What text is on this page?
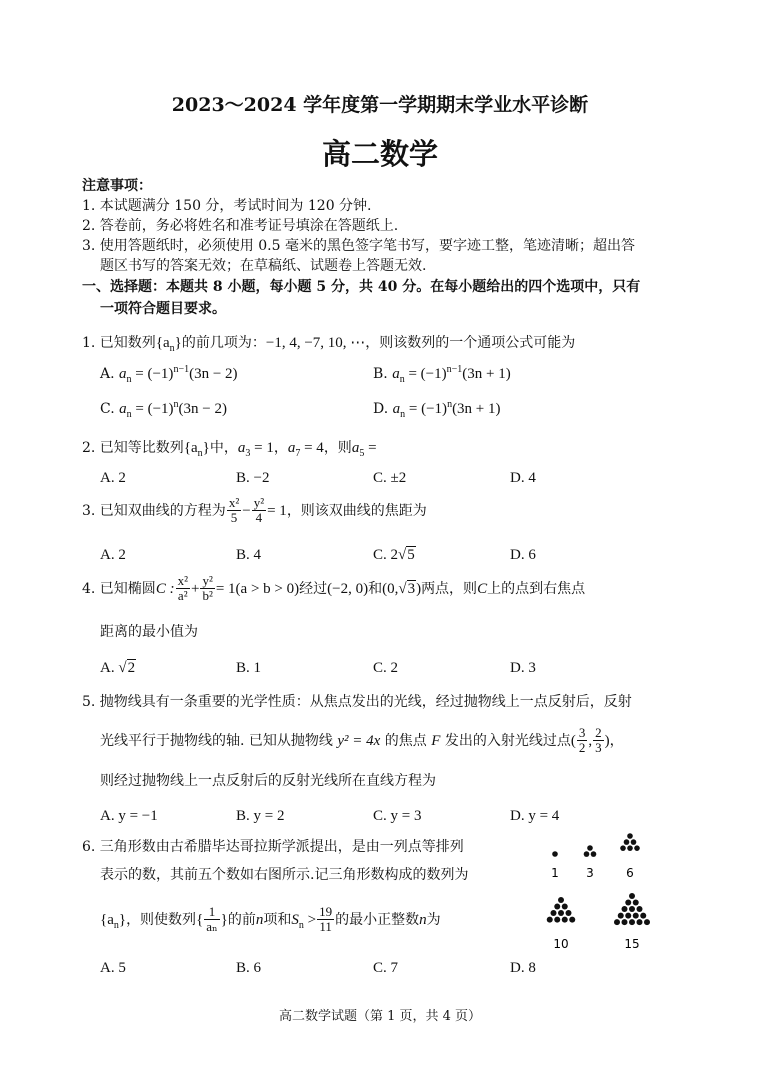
2023～2024 学年度第一学期期末学业水平诊断
高二数学
注意事项：
1. 本试题满分 150 分，考试时间为 120 分钟.
2. 答卷前，务必将姓名和准考证号填涂在答题纸上.
3. 使用答题纸时，必须使用 0.5 毫米的黑色签字笔书写，要字迹工整，笔迹清晰；超出答
题区书写的答案无效；在草稿纸、试题卷上答题无效.
一、选择题：本题共 8 小题，每小题 5 分，共 40 分。在每小题给出的四个选项中，只有
一项符合题目要求。
1. 已知数列$\{a_n\}$的前几项为：−1, 4, −7, 10, ⋯，则该数列的一个通项公式可能为
A. $a_n = (-1)^{n-1}(3n - 2)$	B. $a_n = (-1)^{n-1}(3n + 1)$
C. $a_n = (-1)^n(3n - 2)$	D. $a_n = (-1)^n(3n + 1)$
2. 已知等比数列$\{a_n\}$中，$a_3 = 1$，$a_7 = 4$，则$a_5$ =
A. 2	B. −2	C. ±2	D. 4
3. 已知双曲线的方程为 $\frac{\text{x²}}{5} - \frac{\text{y²}}{4} = 1$，则该双曲线的焦距为
A. 2	B. 4	C. 2√5	D. 6
4. 已知椭圆C : $\frac{\text{x²}}{\text{a²}} + \frac{\text{y²}}{\text{b²}} = 1(a > b > 0)$经过(−2, 0)和(0,√3)两点，则C上的点到右焦点
距离的最小值为
A. √2	B. 1	C. 2	D. 3
5. 抛物线具有一条重要的光学性质：从焦点发出的光线，经过抛物线上一点反射后，反射
光线平行于抛物线的轴. 已知从抛物线 y² = 4x 的焦点 F 发出的入射光线过点( $\frac{3}{2}$ , $\frac{2}{3}$ )，
则经过抛物线上一点反射后的反射光线所在直线方程为
A. y = −1	B. y = 2	C. y = 3	D. y = 4
6. 三角形数由古希腊毕达哥拉斯学派提出，是由一列点等排列
表示的数，其前五个数如右图所示.记三角形数构成的数列为
$\{a_n\}$，则使数列{ $\frac{1}{\text{aₙ}}$ }的前n项和$S_n > \frac{19}{11}$ 的最小正整数n为
A. 5	B. 6	C. 7	D. 8
1 3	6
10	15
高二数学试题（第 1 页，共 4 页）
